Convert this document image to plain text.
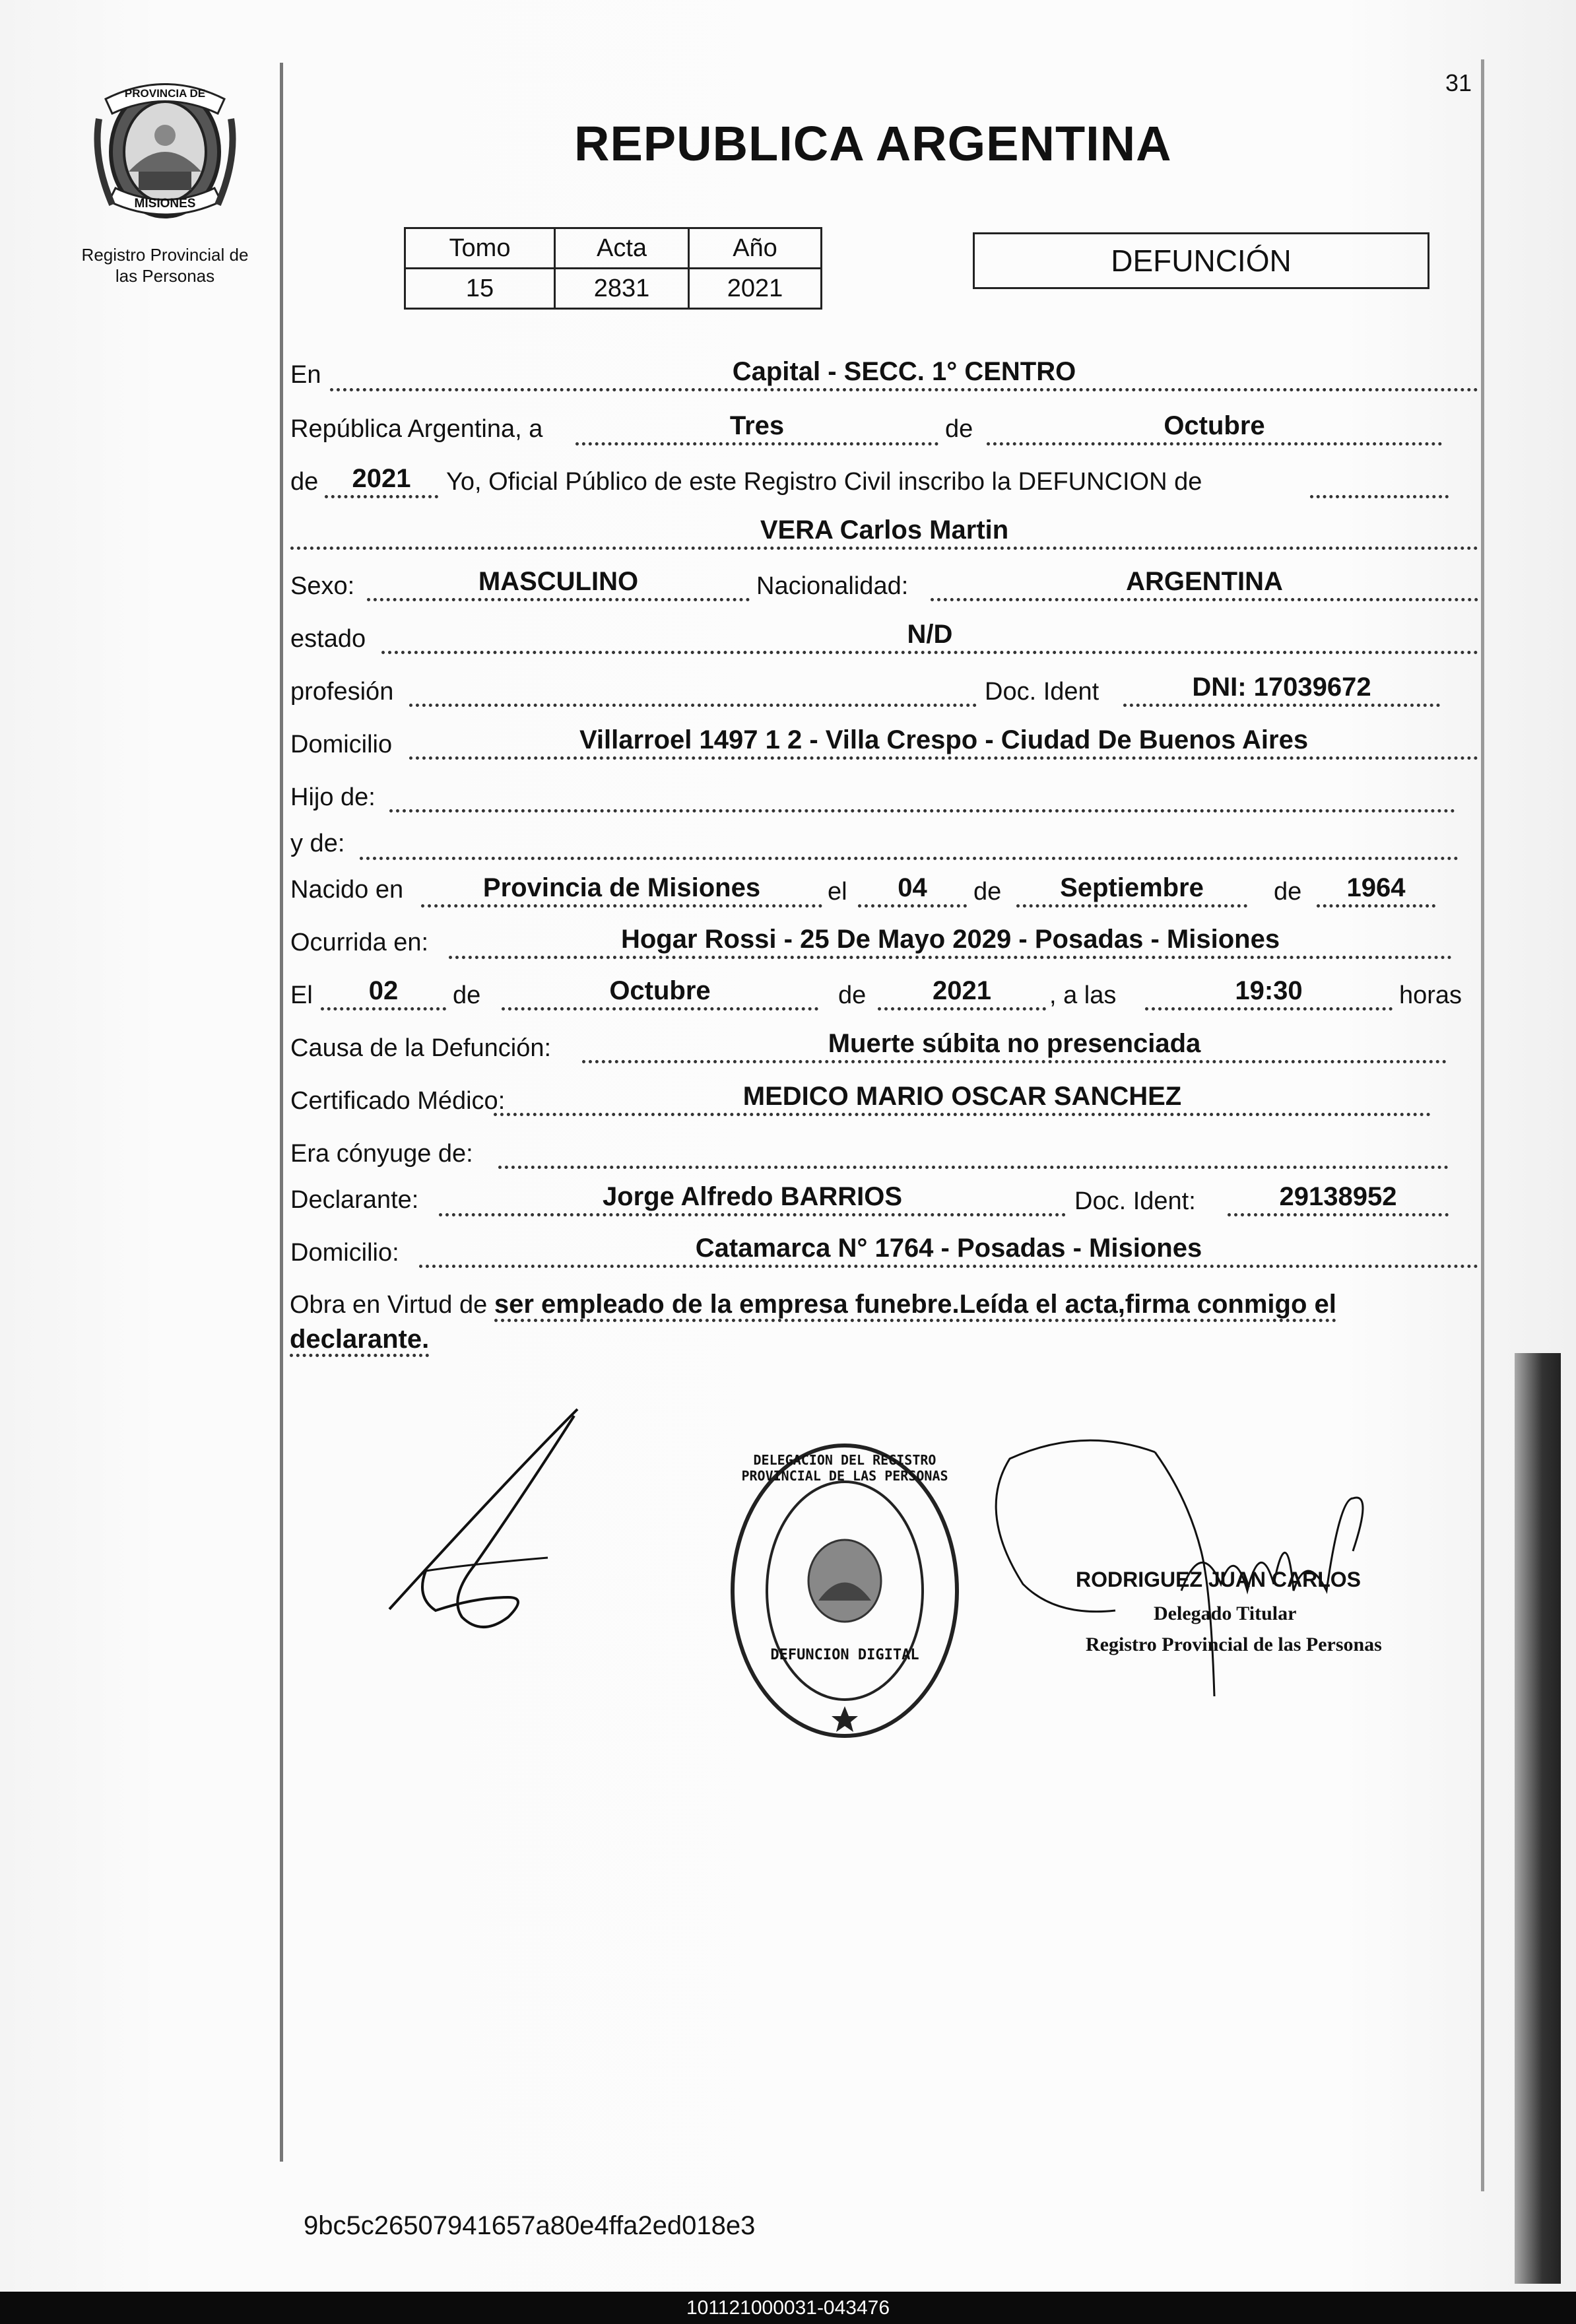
31
PROVINCIA DE
MISIONES
Registro Provincial de
las Personas
REPUBLICA ARGENTINA
Tomo	Acta	Año
15	2831	2021
DEFUNCIÓN
En	Capital - SECC. 1° CENTRO
República Argentina, a	Tres	de	Octubre
de	2021	Yo, Oficial Público de este Registro Civil inscribo la DEFUNCION de
VERA Carlos Martin
Sexo:	MASCULINO	Nacionalidad:	ARGENTINA
estado	N/D
profesión	Doc. Ident	DNI: 17039672
Domicilio	Villarroel 1497 1 2 - Villa Crespo - Ciudad De Buenos Aires
Hijo de:
y de:
Nacido en	Provincia de Misiones	el	04	de	Septiembre	de	1964
Ocurrida en:	Hogar Rossi - 25 De Mayo 2029 - Posadas - Misiones
El	02	de	Octubre	de	2021	, a las	19:30	horas
Causa de la Defunción:	Muerte súbita no presenciada
Certificado Médico:	MEDICO MARIO OSCAR SANCHEZ
Era cónyuge de:
Declarante:	Jorge Alfredo BARRIOS	Doc. Ident:	29138952
Domicilio:	Catamarca N° 1764 - Posadas - Misiones
Obra en Virtud de ser empleado de la empresa funebre.Leída el acta,firma conmigo el
declarante.
DELEGACION DEL REGISTRO PROVINCIAL DE LAS PERSONAS
DEFUNCION DIGITAL
RODRIGUEZ JUAN CARLOS
Delegado Titular
Registro Provincial de las Personas
9bc5c26507941657a80e4ffa2ed018e3
101121000031-043476
